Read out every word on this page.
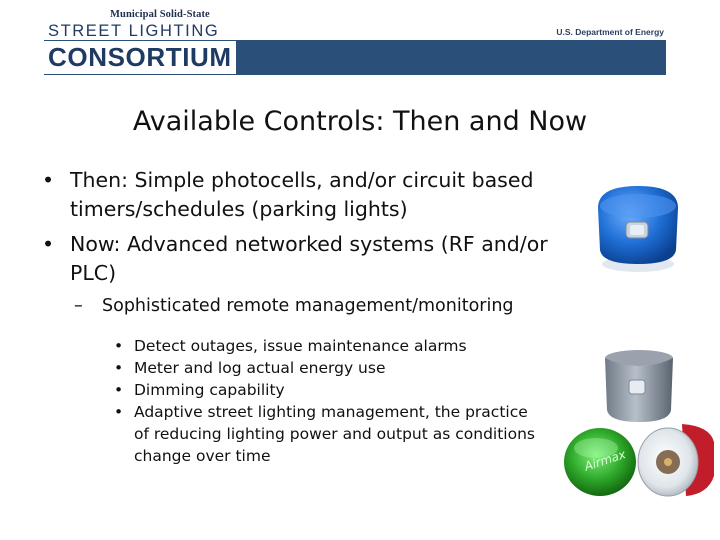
Municipal Solid-State
STREET LIGHTING
CONSORTIUM
U.S. Department of Energy
Available Controls: Then and Now
• Then: Simple photocells, and/or circuit based timers/schedules (parking lights)
• Now: Advanced networked systems (RF and/or PLC)
– Sophisticated remote management/monitoring
• Detect outages, issue maintenance alarms
• Meter and log actual energy use
• Dimming capability
• Adaptive street lighting management, the practice of reducing lighting power and output as conditions change over time	Airmax
